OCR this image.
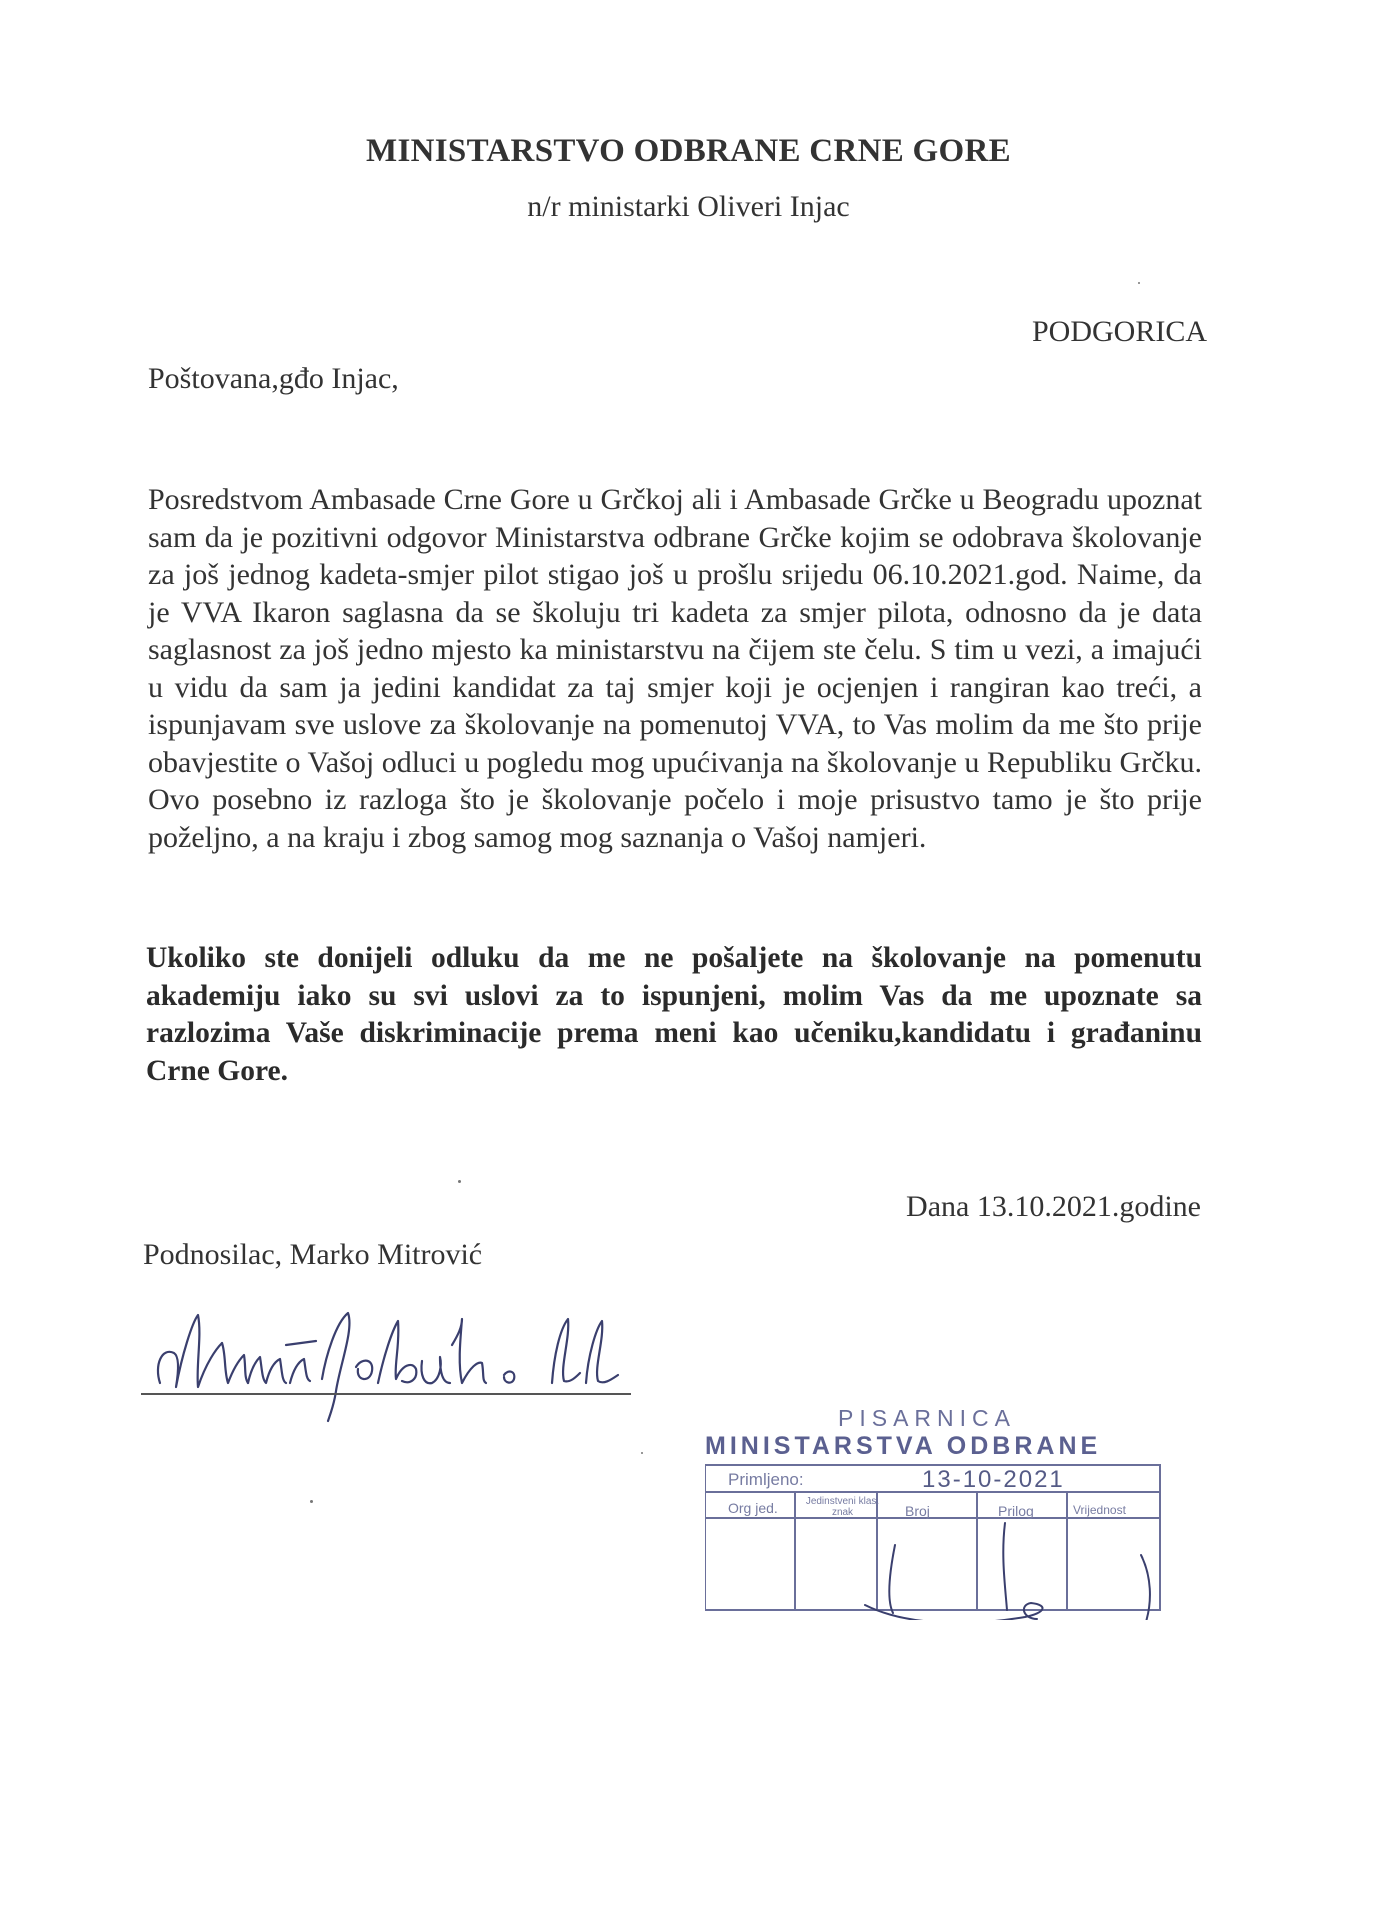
MINISTARSTVO ODBRANE CRNE GORE
n/r ministarki Oliveri Injac
PODGORICA
Poštovana,gđo Injac,
Posredstvom Ambasade Crne Gore u Grčkoj ali i Ambasade Grčke u Beogradu upoznat sam da je pozitivni odgovor Ministarstva odbrane Grčke kojim se odobrava školovanje za još jednog kadeta-smjer pilot stigao još u prošlu srijedu 06.10.2021.god. Naime, da je VVA Ikaron saglasna da se školuju tri kadeta za smjer pilota, odnosno da je data saglasnost za još jedno mjesto ka ministarstvu na čijem ste čelu. S tim u vezi, a imajući u vidu da sam ja jedini kandidat za taj smjer koji je ocjenjen i rangiran kao treći, a ispunjavam sve uslove za školovanje na pomenutoj VVA, to Vas molim da me što prije obavjestite o Vašoj odluci u pogledu mog upućivanja na školovanje u Republiku Grčku. Ovo posebno iz razloga što je školovanje počelo i moje prisustvo tamo je što prije poželjno, a na kraju i zbog samog mog saznanja o Vašoj namjeri.
Ukoliko ste donijeli odluku da me ne pošaljete na školovanje na pomenutu akademiju iako su svi uslovi za to ispunjeni, molim Vas da me upoznate sa razlozima Vaše diskriminacije prema meni kao učeniku,kandidatu i građaninu Crne Gore.
Dana 13.10.2021.godine
Podnosilac, Marko Mitrović
PISARNICA
MINISTARSTVA ODBRANE
Primljeno:	13-10-2021
Org jed.	Jedinstveni klas. znak	Broj	Prilog	Vrijednost
